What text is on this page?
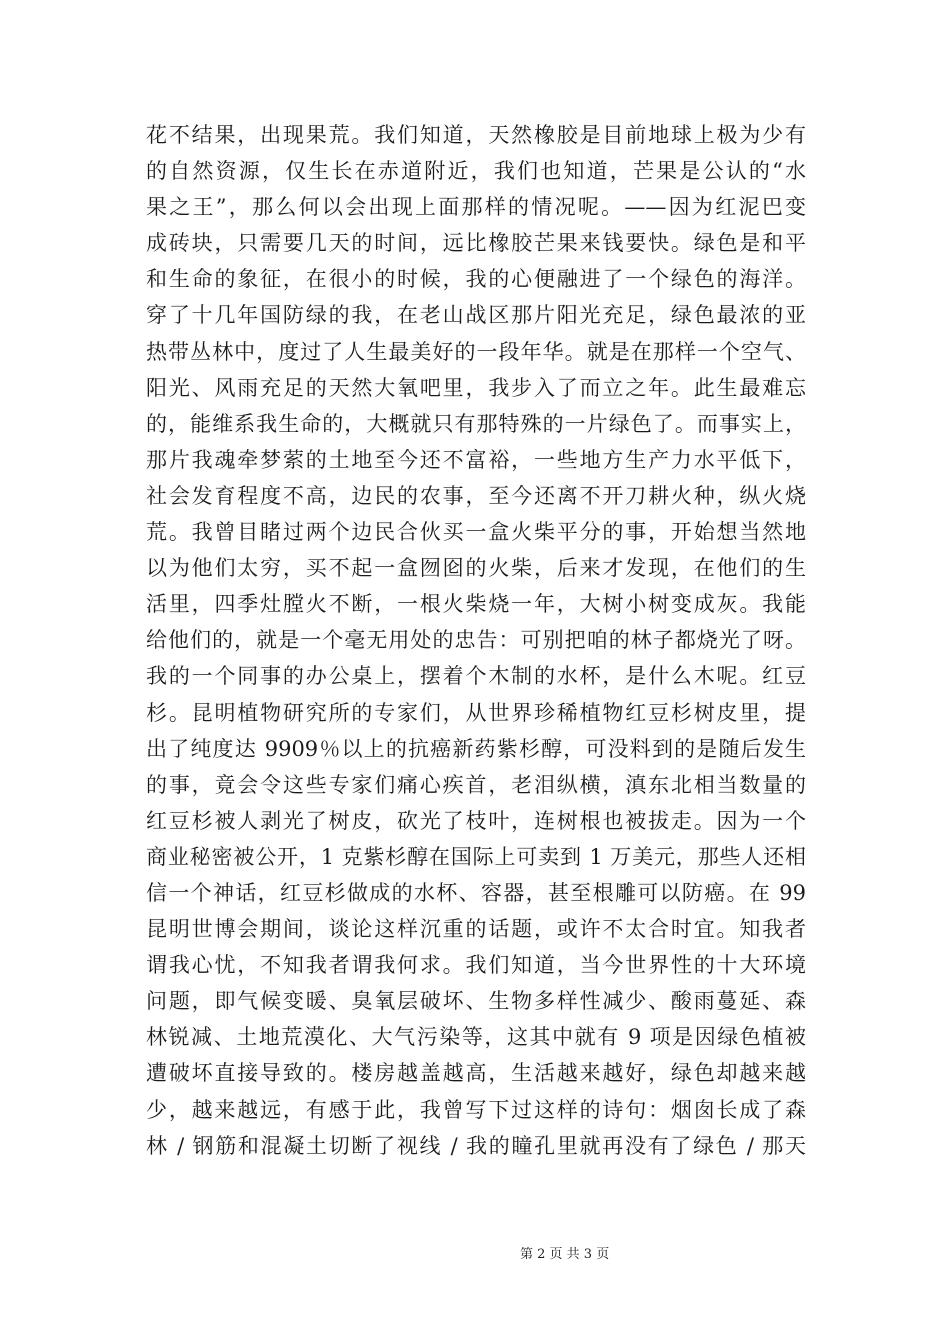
花不结果，出现果荒。我们知道，天然橡胶是目前地球上极为少有
的自然资源，仅生长在赤道附近，我们也知道，芒果是公认的“水
果之王”，那么何以会出现上面那样的情况呢。——因为红泥巴变
成砖块，只需要几天的时间，远比橡胶芒果来钱要快。绿色是和平
和生命的象征，在很小的时候，我的心便融进了一个绿色的海洋。
穿了十几年国防绿的我，在老山战区那片阳光充足，绿色最浓的亚
热带丛林中，度过了人生最美好的一段年华。就是在那样一个空气、
阳光、风雨充足的天然大氧吧里，我步入了而立之年。此生最难忘
的，能维系我生命的，大概就只有那特殊的一片绿色了。而事实上，
那片我魂牵梦萦的土地至今还不富裕，一些地方生产力水平低下，
社会发育程度不高，边民的农事，至今还离不开刀耕火种，纵火烧
荒。我曾目睹过两个边民合伙买一盒火柴平分的事，开始想当然地
以为他们太穷，买不起一盒囫囵的火柴，后来才发现，在他们的生
活里，四季灶膛火不断，一根火柴烧一年，大树小树变成灰。我能
给他们的，就是一个毫无用处的忠告：可别把咱的林子都烧光了呀。
我的一个同事的办公桌上，摆着个木制的水杯，是什么木呢。红豆
杉。昆明植物研究所的专家们，从世界珍稀植物红豆杉树皮里，提
出了纯度达 9909％以上的抗癌新药紫杉醇，可没料到的是随后发生
的事，竟会令这些专家们痛心疾首，老泪纵横，滇东北相当数量的
红豆杉被人剥光了树皮，砍光了枝叶，连树根也被拔走。因为一个
商业秘密被公开，1 克紫杉醇在国际上可卖到 1 万美元，那些人还相
信一个神话，红豆杉做成的水杯、容器，甚至根雕可以防癌。在 99
昆明世博会期间，谈论这样沉重的话题，或许不太合时宜。知我者
谓我心忧，不知我者谓我何求。我们知道，当今世界性的十大环境
问题，即气候变暖、臭氧层破坏、生物多样性减少、酸雨蔓延、森
林锐减、土地荒漠化、大气污染等，这其中就有 9 项是因绿色植被
遭破坏直接导致的。楼房越盖越高，生活越来越好，绿色却越来越
少，越来越远，有感于此，我曾写下过这样的诗句：烟囱长成了森
林 / 钢筋和混凝土切断了视线 / 我的瞳孔里就再没有了绿色 / 那天
第 2 页 共 3 页
